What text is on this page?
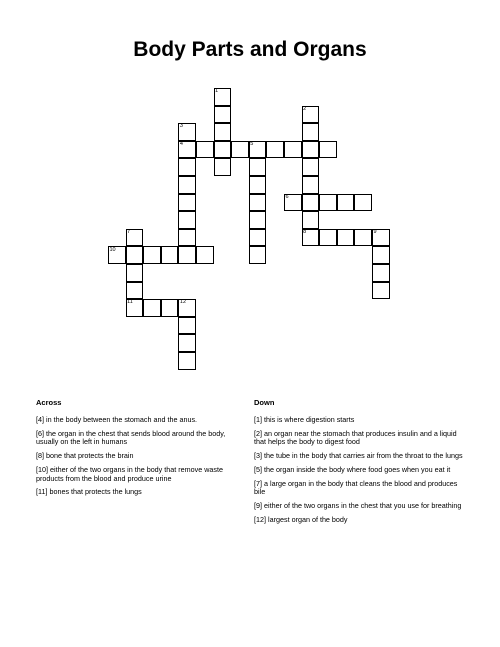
Body Parts and Organs
1
2
3
4	5
6
7	8	9
10
11	12
Across	Down

[4] in the body between the stomach and the anus.

[6] the organ in the chest that sends blood around the body, usually on the left in humans

[8] bone that protects the brain

[10] either of the two organs in the body that remove waste products from the blood and produce urine

[11] bones that protects the lungs

[1] this is where digestion starts

[2] an organ near the stomach that produces insulin and a liquid that helps the body to digest food

[3] the tube in the body that carries air from the throat to the lungs

[5] the organ inside the body where food goes when you eat it

[7] a large organ in the body that cleans the blood and produces bile

[9] either of the two organs in the chest that you use for breathing

[12] largest organ of the body
